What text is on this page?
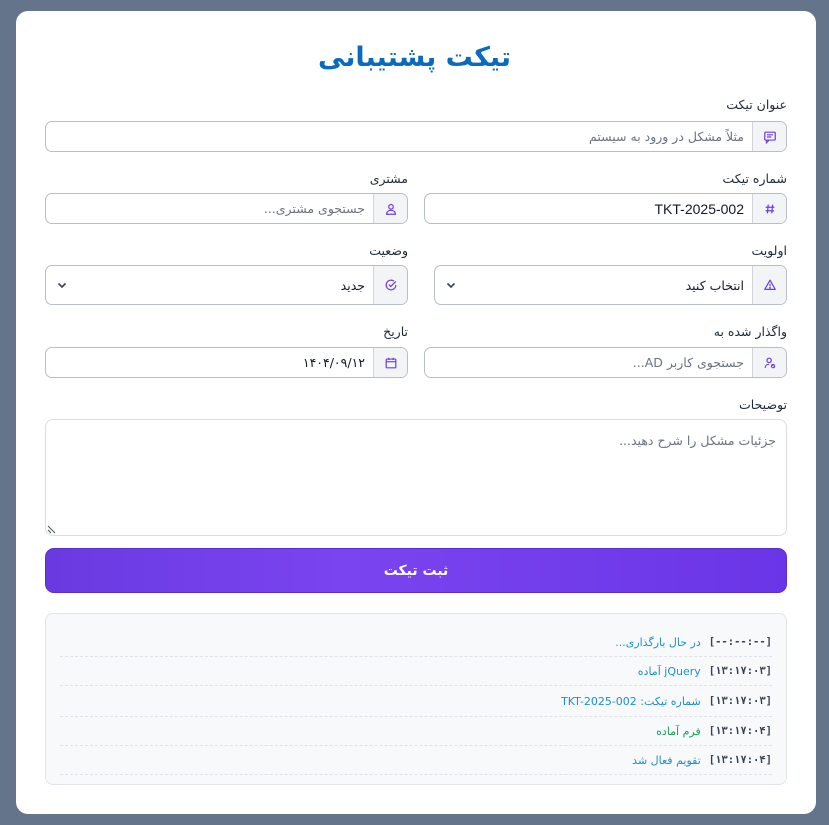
تیکت پشتیبانی
عنوان تیکت
مثلاً مشکل در ورود به سیستم
شماره تیکت
TKT-2025-002
مشتری
جستجوی مشتری...
اولویت
انتخاب کنید
وضعیت
جدید
واگذار شده به
جستجوی کاربر AD...
تاریخ
۱۴۰۴/۰۹/۱۲
توضیحات
جزئیات مشکل را شرح دهید...
ثبت تیکت
[--:--:--]
در حال بارگذاری...
[۱۳:۱۷:۰۳]
jQuery آماده
[۱۳:۱۷:۰۳]
شماره تیکت: TKT-2025-002
[۱۳:۱۷:۰۴]
فرم آماده
[۱۳:۱۷:۰۴]
تقویم فعال شد
